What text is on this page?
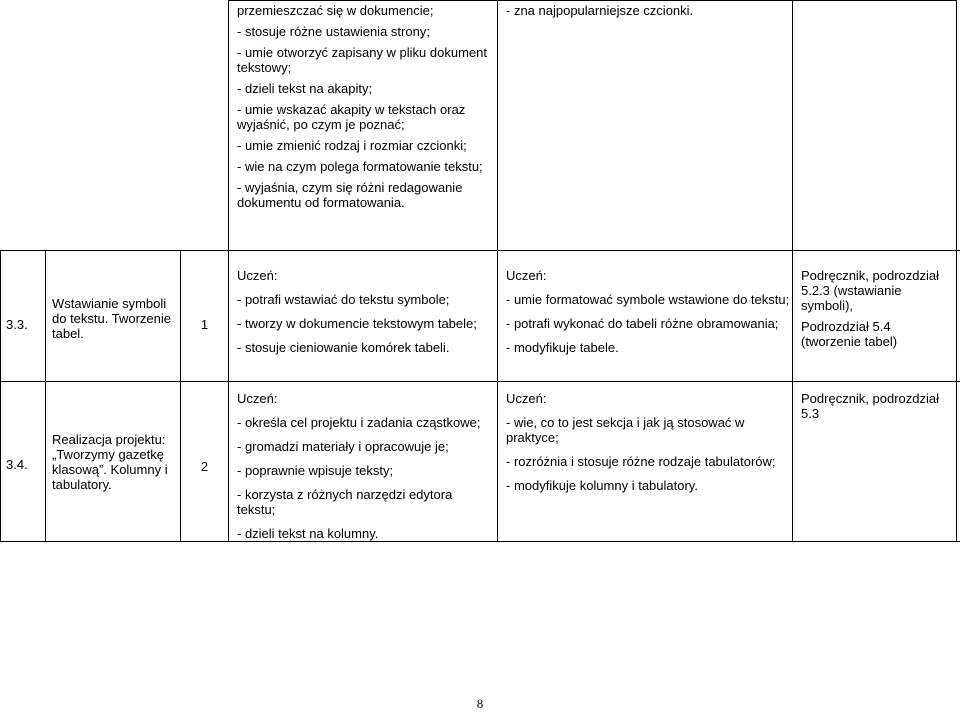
przemieszczać się w dokumencie;

- stosuje różne ustawienia strony;

- umie otworzyć zapisany w pliku dokument tekstowy;

- dzieli tekst na akapity;

- umie wskazać akapity w tekstach oraz wyjaśnić, po czym je poznać;

- umie zmienić rodzaj i rozmiar czcionki;

- wie na czym polega formatowanie tekstu;

- wyjaśnia, czym się różni redagowanie dokumentu od formatowania.

- zna najpopularniejsze czcionki.

3.3.
Wstawianie symboli do tekstu. Tworzenie tabel.
1

Uczeń:

- potrafi wstawiać do tekstu symbole;

- tworzy w dokumencie tekstowym tabele;

- stosuje cieniowanie komórek tabeli.

Uczeń:

- umie formatować symbole wstawione do tekstu;

- potrafi wykonać do tabeli różne obramowania;

- modyfikuje tabele.

Podręcznik, podrozdział 5.2.3 (wstawianie symboli),

Podrozdział 5.4 (tworzenie tabel)

3.4.
Realizacja projektu: „Tworzymy gazetkę klasową”. Kolumny i tabulatory.
2

Uczeń:

- określa cel projektu i zadania cząstkowe;

- gromadzi materiały i opracowuje je;

- poprawnie wpisuje teksty;

- korzysta z różnych narzędzi edytora tekstu;

- dzieli tekst na kolumny.

Uczeń:

- wie, co to jest sekcja i jak ją stosować w praktyce;

- rozróżnia i stosuje różne rodzaje tabulatorów;

- modyfikuje kolumny i tabulatory.

Podręcznik, podrozdział 5.3

8
